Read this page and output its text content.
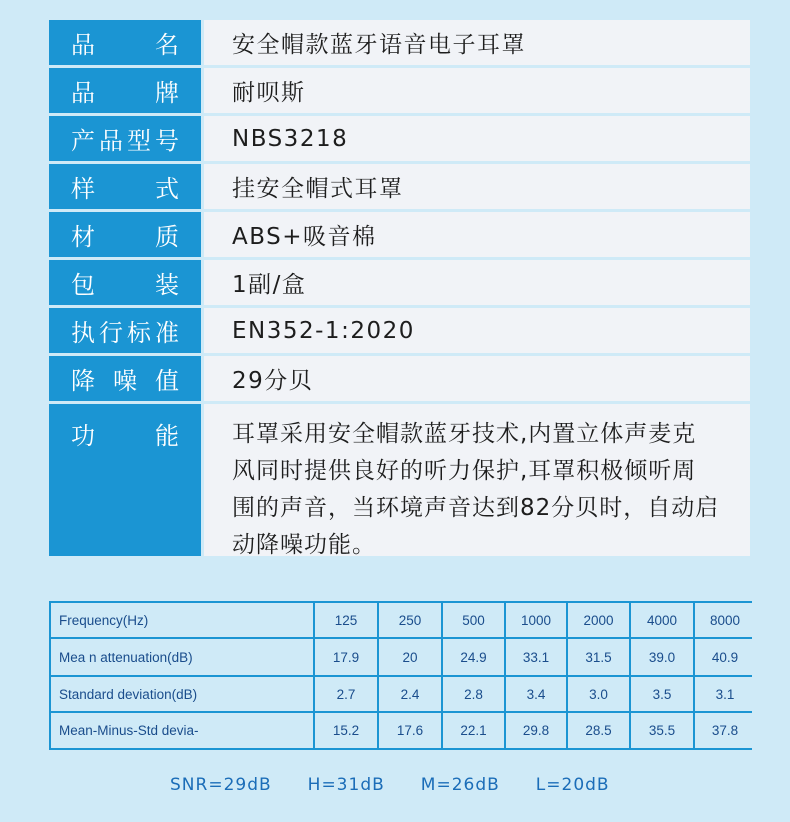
品 名	安全帽款蓝牙语音电子耳罩
品 牌	耐呗斯
产 品 型 号	NBS3218
样 式	挂安全帽式耳罩
材 质	ABS+吸音棉
包 装	1副/盒
执 行 标 准	EN352-1:2020
降 噪 值	29分贝
功 能	耳罩采用安全帽款蓝牙技术,内置立体声麦克风同时提供良好的听力保护,耳罩积极倾听周围的声音，当环境声音达到82分贝时，自动启动降噪功能。
Frequency(Hz)	125	250	500	1000	2000	4000	8000
Mea n attenuation(dB)	17.9	20	24.9	33.1	31.5	39.0	40.9
Standard deviation(dB)	2.7	2.4	2.8	3.4	3.0	3.5	3.1
Mean-Minus-Std devia-	15.2	17.6	22.1	29.8	28.5	35.5	37.8
SNR=29dB H=31dB M=26dB L=20dB
